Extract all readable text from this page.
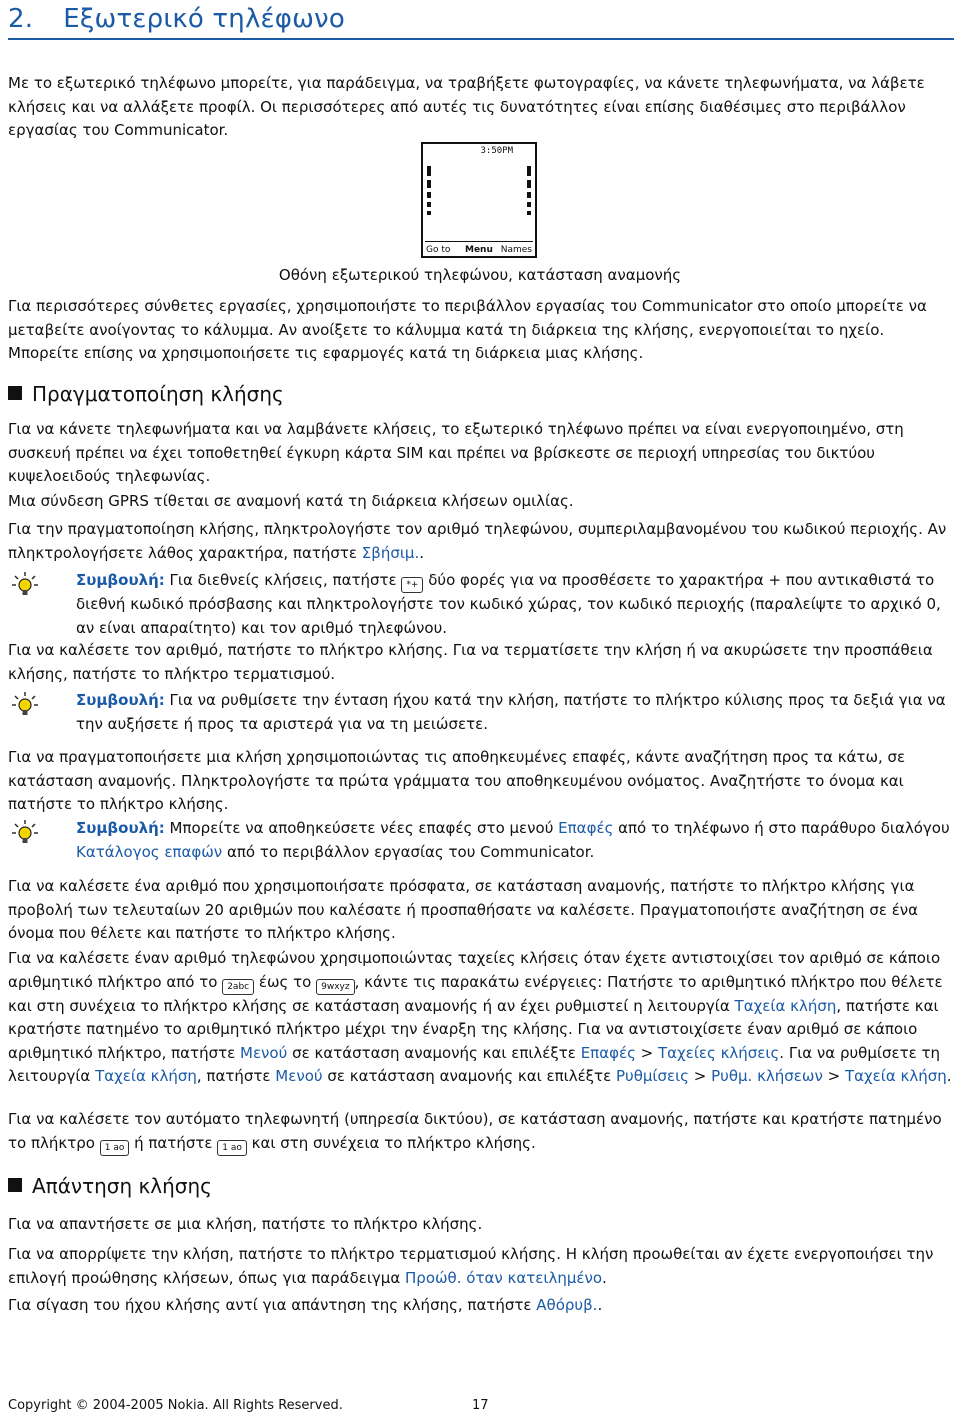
2. Εξωτερικό τηλέφωνο

Με το εξωτερικό τηλέφωνο μπορείτε, για παράδειγμα, να τραβήξετε φωτογραφίες, να κάνετε τηλεφωνήματα, να λάβετε κλήσεις και να αλλάξετε προφίλ. Οι περισσότερες από αυτές τις δυνατότητες είναι επίσης διαθέσιμες στο περιβάλλον εργασίας του Communicator.

3:50PM
Go to Menu Names
Οθόνη εξωτερικού τηλεφώνου, κατάσταση αναμονής

Για περισσότερες σύνθετες εργασίες, χρησιμοποιήστε το περιβάλλον εργασίας του Communicator στο οποίο μπορείτε να μεταβείτε ανοίγοντας το κάλυμμα. Αν ανοίξετε το κάλυμμα κατά τη διάρκεια της κλήσης, ενεργοποιείται το ηχείο. Μπορείτε επίσης να χρησιμοποιήσετε τις εφαρμογές κατά τη διάρκεια μιας κλήσης.

Πραγματοποίηση κλήσης

Για να κάνετε τηλεφωνήματα και να λαμβάνετε κλήσεις, το εξωτερικό τηλέφωνο πρέπει να είναι ενεργοποιημένο, στη συσκευή πρέπει να έχει τοποθετηθεί έγκυρη κάρτα SIM και πρέπει να βρίσκεστε σε περιοχή υπηρεσίας του δικτύου κυψελοειδούς τηλεφωνίας.

Μια σύνδεση GPRS τίθεται σε αναμονή κατά τη διάρκεια κλήσεων ομιλίας.

Για την πραγματοποίηση κλήσης, πληκτρολογήστε τον αριθμό τηλεφώνου, συμπεριλαμβανομένου του κωδικού περιοχής. Αν πληκτρολογήσετε λάθος χαρακτήρα, πατήστε Σβήσιμ..

Συμβουλή: Για διεθνείς κλήσεις, πατήστε *+ δύο φορές για να προσθέσετε το χαρακτήρα + που αντικαθιστά το διεθνή κωδικό πρόσβασης και πληκτρολογήστε τον κωδικό χώρας, τον κωδικό περιοχής (παραλείψτε το αρχικό 0, αν είναι απαραίτητο) και τον αριθμό τηλεφώνου.

Για να καλέσετε τον αριθμό, πατήστε το πλήκτρο κλήσης. Για να τερματίσετε την κλήση ή να ακυρώσετε την προσπάθεια κλήσης, πατήστε το πλήκτρο τερματισμού.

Συμβουλή: Για να ρυθμίσετε την ένταση ήχου κατά την κλήση, πατήστε το πλήκτρο κύλισης προς τα δεξιά για να την αυξήσετε ή προς τα αριστερά για να τη μειώσετε.

Για να πραγματοποιήσετε μια κλήση χρησιμοποιώντας τις αποθηκευμένες επαφές, κάντε αναζήτηση προς τα κάτω, σε κατάσταση αναμονής. Πληκτρολογήστε τα πρώτα γράμματα του αποθηκευμένου ονόματος. Αναζητήστε το όνομα και πατήστε το πλήκτρο κλήσης.

Συμβουλή: Μπορείτε να αποθηκεύσετε νέες επαφές στο μενού Επαφές από το τηλέφωνο ή στο παράθυρο διαλόγου Κατάλογος επαφών από το περιβάλλον εργασίας του Communicator.

Για να καλέσετε ένα αριθμό που χρησιμοποιήσατε πρόσφατα, σε κατάσταση αναμονής, πατήστε το πλήκτρο κλήσης για προβολή των τελευταίων 20 αριθμών που καλέσατε ή προσπαθήσατε να καλέσετε. Πραγματοποιήστε αναζήτηση σε ένα όνομα που θέλετε και πατήστε το πλήκτρο κλήσης.

Για να καλέσετε έναν αριθμό τηλεφώνου χρησιμοποιώντας ταχείες κλήσεις όταν έχετε αντιστοιχίσει τον αριθμό σε κάποιο αριθμητικό πλήκτρο από το 2abc έως το 9wxyz , κάντε τις παρακάτω ενέργειες: Πατήστε το αριθμητικό πλήκτρο που θέλετε και στη συνέχεια το πλήκτρο κλήσης σε κατάσταση αναμονής ή αν έχει ρυθμιστεί η λειτουργία Ταχεία κλήση, πατήστε και κρατήστε πατημένο το αριθμητικό πλήκτρο μέχρι την έναρξη της κλήσης. Για να αντιστοιχίσετε έναν αριθμό σε κάποιο αριθμητικό πλήκτρο, πατήστε Μενού σε κατάσταση αναμονής και επιλέξτε Επαφές > Ταχείες κλήσεις. Για να ρυθμίσετε τη λειτουργία Ταχεία κλήση, πατήστε Μενού σε κατάσταση αναμονής και επιλέξτε Ρυθμίσεις > Ρυθμ. κλήσεων > Ταχεία κλήση.

Για να καλέσετε τον αυτόματο τηλεφωνητή (υπηρεσία δικτύου), σε κατάσταση αναμονής, πατήστε και κρατήστε πατημένο το πλήκτρο 1 ao ή πατήστε 1 ao και στη συνέχεια το πλήκτρο κλήσης.

Απάντηση κλήσης

Για να απαντήσετε σε μια κλήση, πατήστε το πλήκτρο κλήσης.

Για να απορρίψετε την κλήση, πατήστε το πλήκτρο τερματισμού κλήσης. Η κλήση προωθείται αν έχετε ενεργοποιήσει την επιλογή προώθησης κλήσεων, όπως για παράδειγμα Προώθ. όταν κατειλημένο.

Για σίγαση του ήχου κλήσης αντί για απάντηση της κλήσης, πατήστε Αθόρυβ..

Copyright © 2004-2005 Nokia. All Rights Reserved.	17
